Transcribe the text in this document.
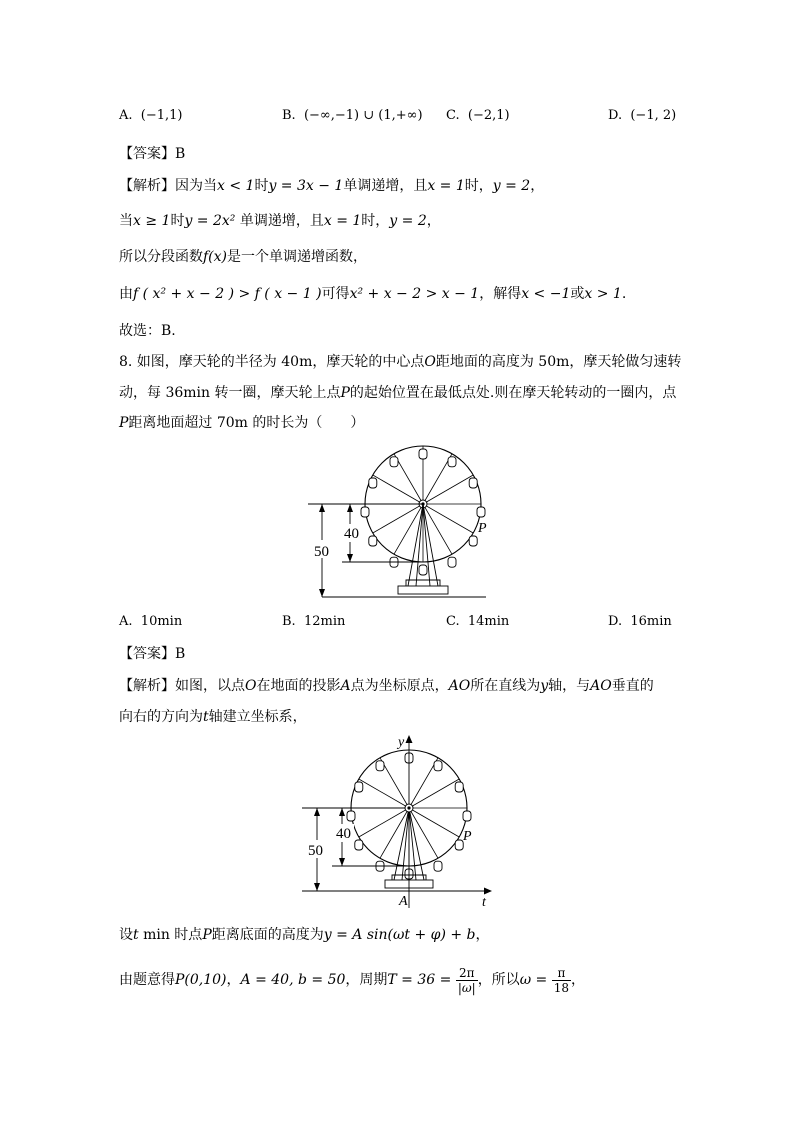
A. (−1,1)	B. (−∞,−1) ∪ (1,+∞) C. (−2,1)	D. (−1, 2)
【答案】B
【解析】因为当x < 1时y = 3x − 1单调递增，且x = 1时，y = 2，
当x ≥ 1时y = 2x² 单调递增，且x = 1时，y = 2，
所以分段函数f(x)是一个单调递增函数，
由f ( x² + x − 2 ) > f ( x − 1 )可得x² + x − 2 > x − 1，解得x < −1或x > 1.
故选：B.
8. 如图，摩天轮的半径为 40m，摩天轮的中心点O距地面的高度为 50m，摩天轮做匀速转
动，每 36min 转一圈，摩天轮上点P的起始位置在最低点处.则在摩天轮转动的一圈内，点
P距离地面超过 70m 的时长为（　　）
40
50
P
A. 10min	B. 12min	C. 14min	D. 16min
【答案】B
【解析】如图，以点O在地面的投影A点为坐标原点，AO所在直线为y轴，与AO垂直的
向右的方向为t轴建立坐标系，
40
50
P
y
t
A
设t min 时点P距离底面的高度为y = A sin(ωt + φ) + b，
由题意得P(0,10)，A = 40, b = 50，周期$T = 36 = \frac{2\pi}{|\omega|}$ ，所以$\omega = \frac{\pi}{18}$ ，
